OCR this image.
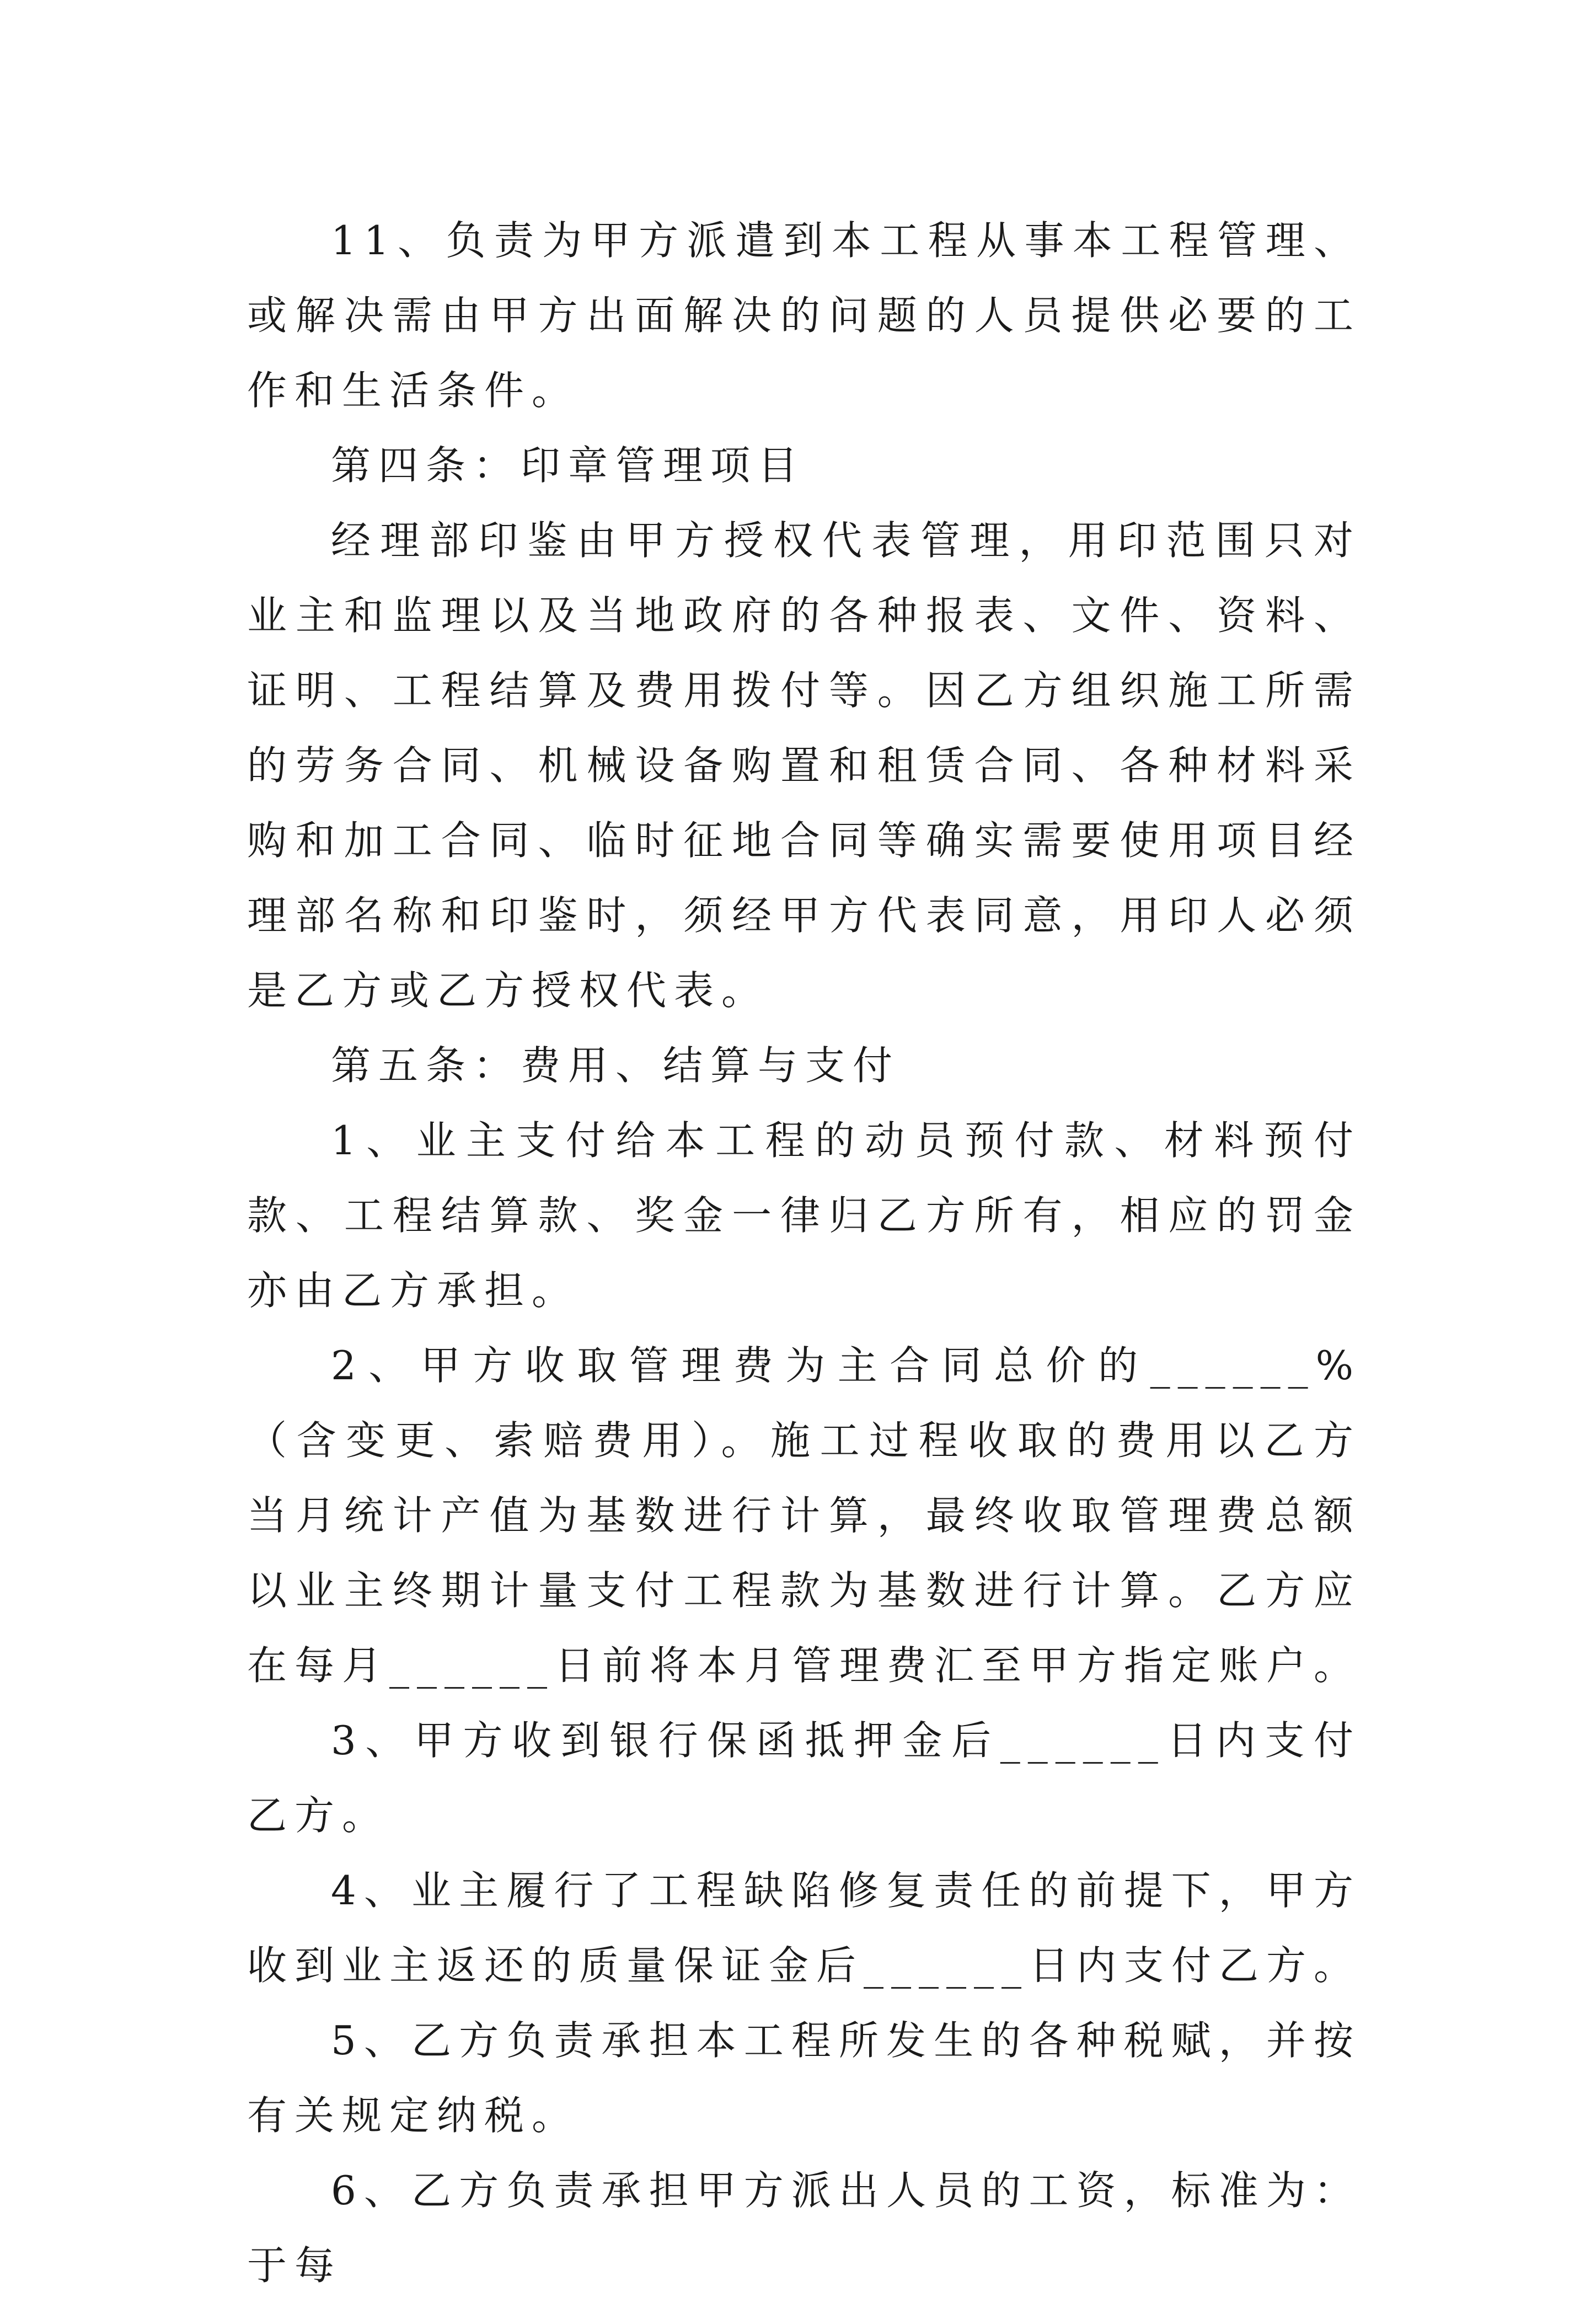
11、负责为甲方派遣到本工程从事本工程管理、或解决需由甲方出面解决的问题的人员提供必要的工作和生活条件。

第四条：印章管理项目

经理部印鉴由甲方授权代表管理，用印范围只对业主和监理以及当地政府的各种报表、文件、资料、证明、工程结算及费用拨付等。因乙方组织施工所需的劳务合同、机械设备购置和租赁合同、各种材料采购和加工合同、临时征地合同等确实需要使用项目经理部名称和印鉴时，须经甲方代表同意，用印人必须是乙方或乙方授权代表。

第五条：费用、结算与支付

1、业主支付给本工程的动员预付款、材料预付款、工程结算款、奖金一律归乙方所有，相应的罚金亦由乙方承担。

2、甲方收取管理费为主合同总价的______%（含变更、索赔费用）。施工过程收取的费用以乙方当月统计产值为基数进行计算，最终收取管理费总额以业主终期计量支付工程款为基数进行计算。乙方应在每月______日前将本月管理费汇至甲方指定账户。

3、甲方收到银行保函抵押金后______日内支付乙方。

4、业主履行了工程缺陷修复责任的前提下，甲方收到业主返还的质量保证金后______日内支付乙方。

5、乙方负责承担本工程所发生的各种税赋，并按有关规定纳税。

6、乙方负责承担甲方派出人员的工资，标准为：于每
